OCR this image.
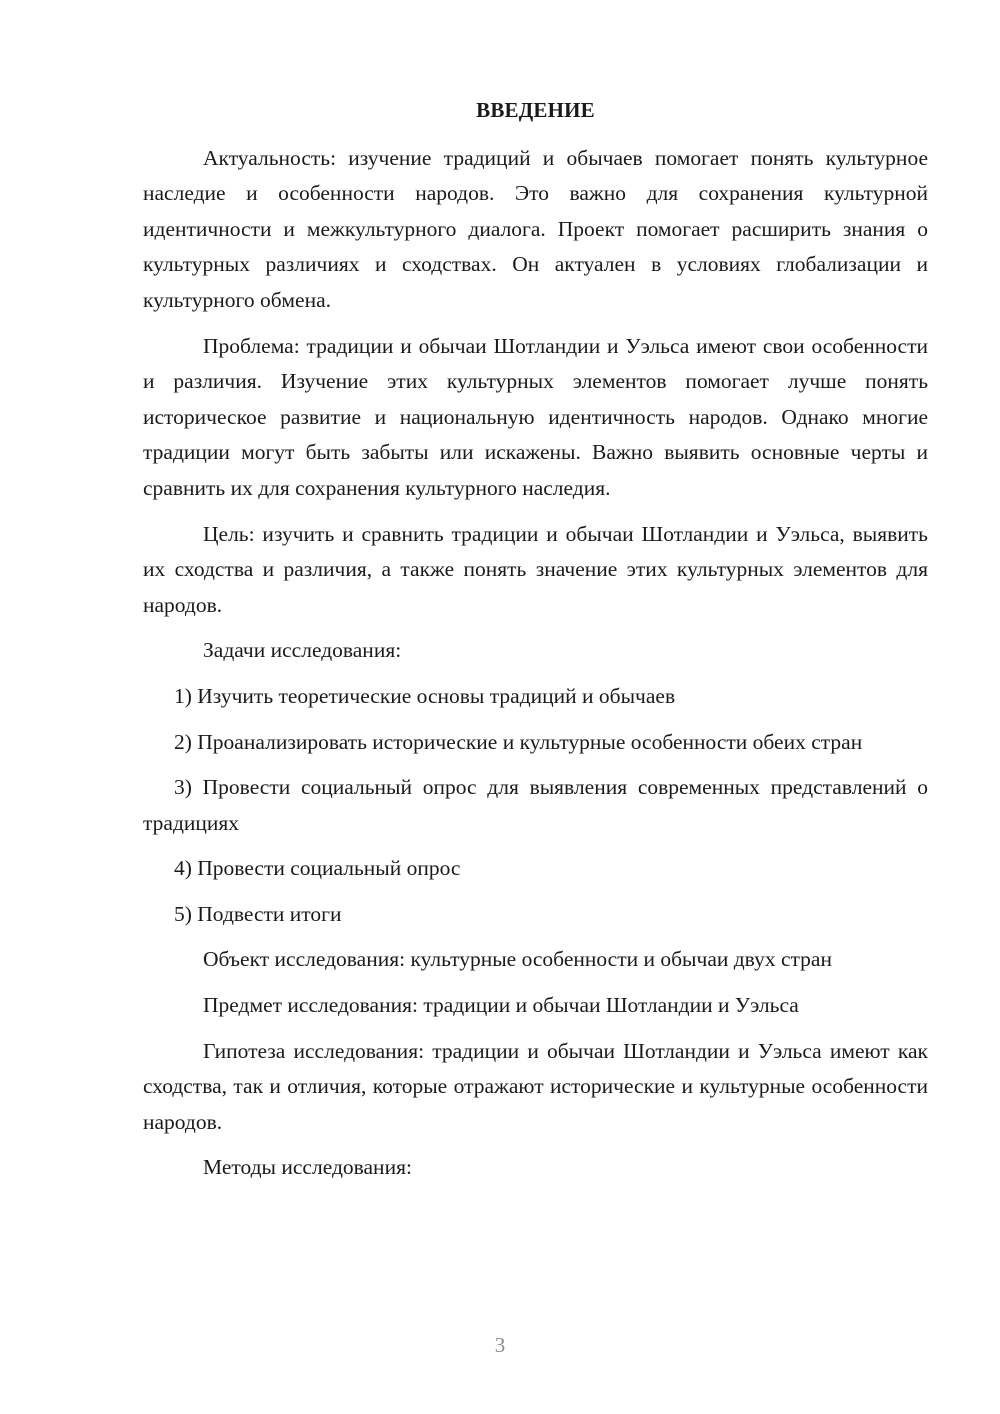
ВВЕДЕНИЕ

Актуальность: изучение традиций и обычаев помогает понять культурное наследие и особенности народов. Это важно для сохранения культурной идентичности и межкультурного диалога. Проект помогает расширить знания о культурных различиях и сходствах. Он актуален в условиях глобализации и культурного обмена.

Проблема: традиции и обычаи Шотландии и Уэльса имеют свои особенности и различия. Изучение этих культурных элементов помогает лучше понять историческое развитие и национальную идентичность народов. Однако многие традиции могут быть забыты или искажены. Важно выявить основные черты и сравнить их для сохранения культурного наследия.

Цель: изучить и сравнить традиции и обычаи Шотландии и Уэльса, выявить их сходства и различия, а также понять значение этих культурных элементов для народов.

Задачи исследования:

1) Изучить теоретические основы традиций и обычаев

2) Проанализировать исторические и культурные особенности обеих стран

3) Провести социальный опрос для выявления современных представлений о традициях

4) Провести социальный опрос

5) Подвести итоги

Объект исследования: культурные особенности и обычаи двух стран

Предмет исследования: традиции и обычаи Шотландии и Уэльса

Гипотеза исследования: традиции и обычаи Шотландии и Уэльса имеют как сходства, так и отличия, которые отражают исторические и культурные особенности народов.

Методы исследования:

3
